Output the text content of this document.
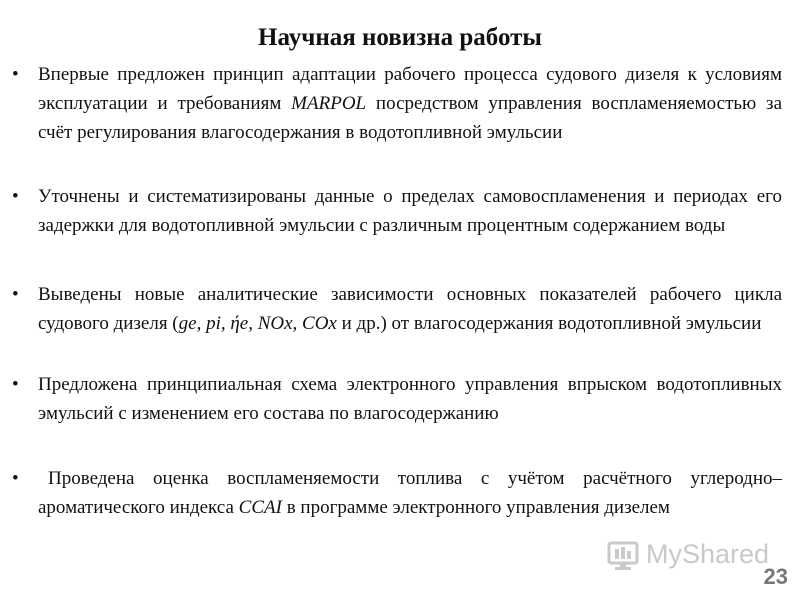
Научная новизна работы
• Впервые предложен принцип адаптации рабочего процесса судового дизеля к условиям эксплуатации и требованиям MARPOL посредством управления воспламеняемостью за счёт регулирования влагосодержания в водотопливной эмульсии
• Уточнены и систематизированы данные о пределах самовоспламенения и периодах его задержки для водотопливной эмульсии с различным процентным содержанием воды
• Выведены новые аналитические зависимости основных показателей рабочего цикла судового дизеля (ge, pi, ήe, NOx, COx и др.) от влагосодержания водотопливной эмульсии
• Предложена принципиальная схема электронного управления впрыском водотопливных эмульсий с изменением его состава по влагосодержанию
• Проведена оценка воспламеняемости топлива с учётом расчётного углеродно–ароматического индекса CCAI в программе электронного управления дизелем
MyShared
23
